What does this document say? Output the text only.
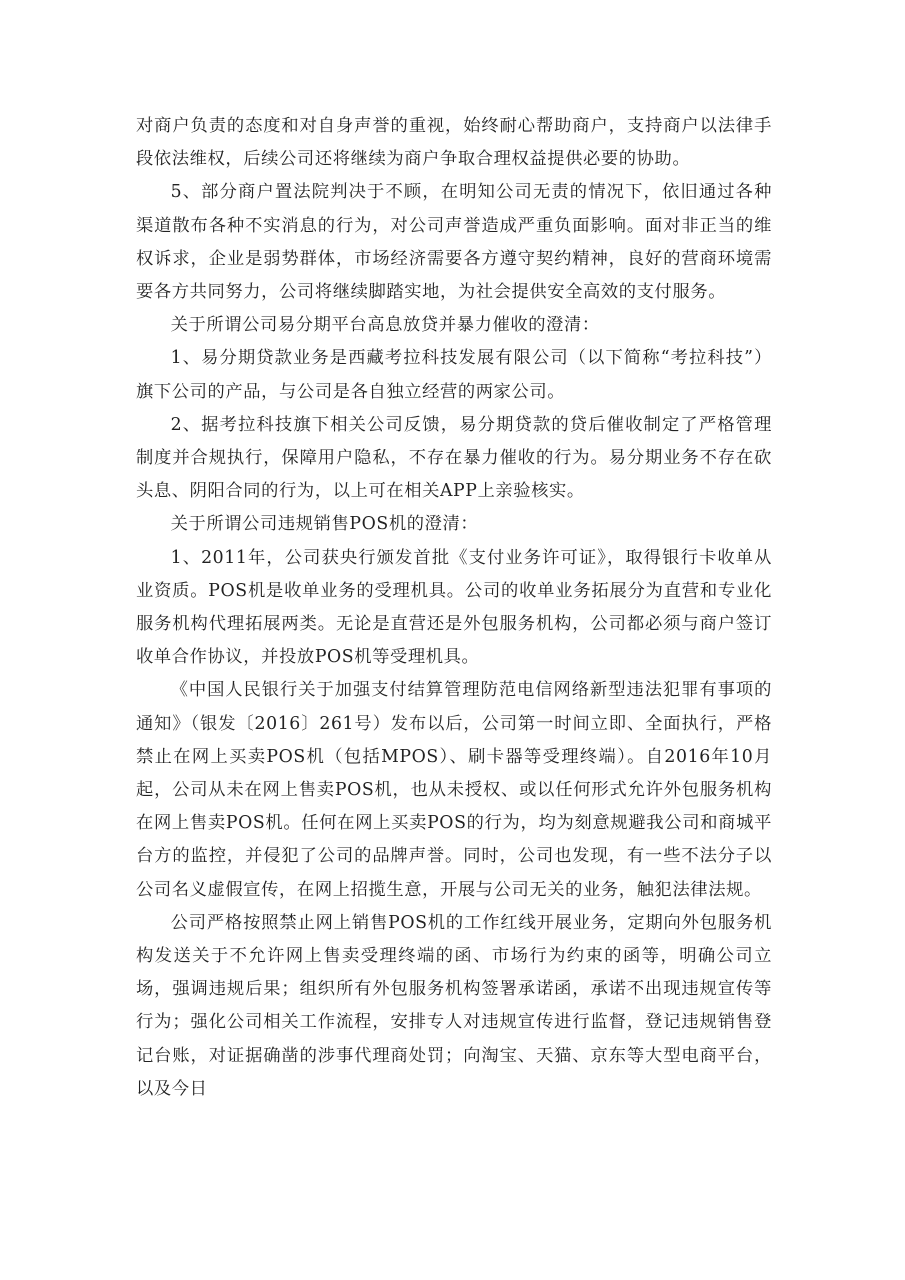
对商户负责的态度和对自身声誉的重视，始终耐心帮助商户，支持商户以法律手段依法维权，后续公司还将继续为商户争取合理权益提供必要的协助。

5、部分商户置法院判决于不顾，在明知公司无责的情况下，依旧通过各种渠道散布各种不实消息的行为，对公司声誉造成严重负面影响。面对非正当的维权诉求，企业是弱势群体，市场经济需要各方遵守契约精神，良好的营商环境需要各方共同努力，公司将继续脚踏实地，为社会提供安全高效的支付服务。

关于所谓公司易分期平台高息放贷并暴力催收的澄清：

1、易分期贷款业务是西藏考拉科技发展有限公司（以下简称“考拉科技”）旗下公司的产品，与公司是各自独立经营的两家公司。

2、据考拉科技旗下相关公司反馈，易分期贷款的贷后催收制定了严格管理制度并合规执行，保障用户隐私，不存在暴力催收的行为。易分期业务不存在砍头息、阴阳合同的行为，以上可在相关APP上亲验核实。

关于所谓公司违规销售POS机的澄清：

1、2011年，公司获央行颁发首批《支付业务许可证》，取得银行卡收单从业资质。POS机是收单业务的受理机具。公司的收单业务拓展分为直营和专业化服务机构代理拓展两类。无论是直营还是外包服务机构，公司都必须与商户签订收单合作协议，并投放POS机等受理机具。

《中国人民银行关于加强支付结算管理防范电信网络新型违法犯罪有事项的通知》（银发〔2016〕261号）发布以后，公司第一时间立即、全面执行，严格禁止在网上买卖POS机（包括MPOS）、刷卡器等受理终端）。自2016年10月起，公司从未在网上售卖POS机，也从未授权、或以任何形式允许外包服务机构在网上售卖POS机。任何在网上买卖POS的行为，均为刻意规避我公司和商城平台方的监控，并侵犯了公司的品牌声誉。同时，公司也发现，有一些不法分子以公司名义虚假宣传，在网上招揽生意，开展与公司无关的业务，触犯法律法规。

公司严格按照禁止网上销售POS机的工作红线开展业务，定期向外包服务机构发送关于不允许网上售卖受理终端的函、市场行为约束的函等，明确公司立场，强调违规后果；组织所有外包服务机构签署承诺函，承诺不出现违规宣传等行为；强化公司相关工作流程，安排专人对违规宣传进行监督，登记违规销售登记台账，对证据确凿的涉事代理商处罚；向淘宝、天猫、京东等大型电商平台，以及今日
